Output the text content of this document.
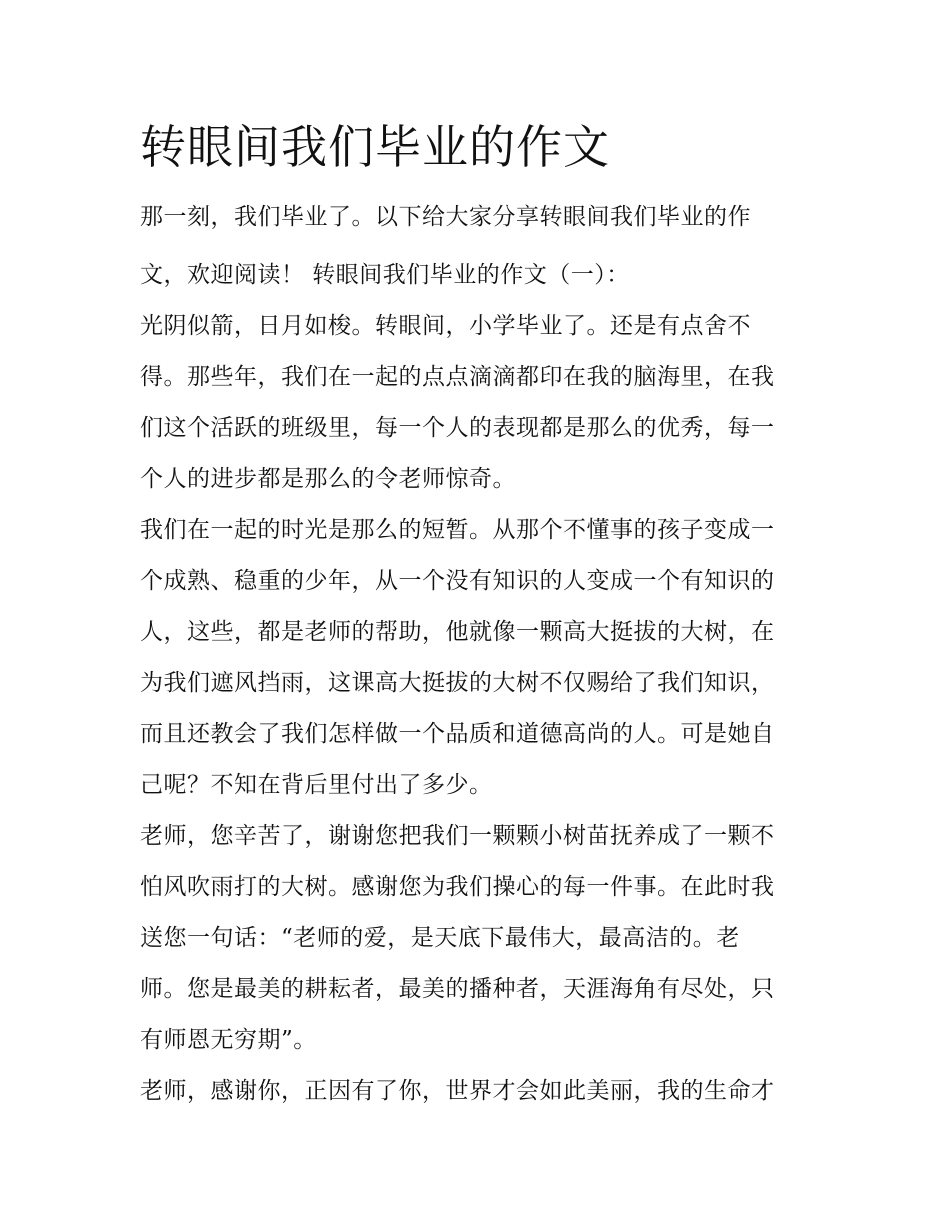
转眼间我们毕业的作文

那一刻，我们毕业了。以下给大家分享转眼间我们毕业的作

文，欢迎阅读！ 转眼间我们毕业的作文（一）：

光阴似箭，日月如梭。转眼间，小学毕业了。还是有点舍不

得。那些年，我们在一起的点点滴滴都印在我的脑海里，在我

们这个活跃的班级里，每一个人的表现都是那么的优秀，每一

个人的进步都是那么的令老师惊奇。

我们在一起的时光是那么的短暂。从那个不懂事的孩子变成一

个成熟、稳重的少年，从一个没有知识的人变成一个有知识的

人，这些，都是老师的帮助，他就像一颗高大挺拔的大树，在

为我们遮风挡雨，这课高大挺拔的大树不仅赐给了我们知识，

而且还教会了我们怎样做一个品质和道德高尚的人。可是她自

己呢？不知在背后里付出了多少。

老师，您辛苦了，谢谢您把我们一颗颗小树苗抚养成了一颗不

怕风吹雨打的大树。感谢您为我们操心的每一件事。在此时我

送您一句话：“老师的爱，是天底下最伟大，最高洁的。老

师。您是最美的耕耘者，最美的播种者，天涯海角有尽处，只

有师恩无穷期”。

老师，感谢你，正因有了你，世界才会如此美丽，我的生命才
